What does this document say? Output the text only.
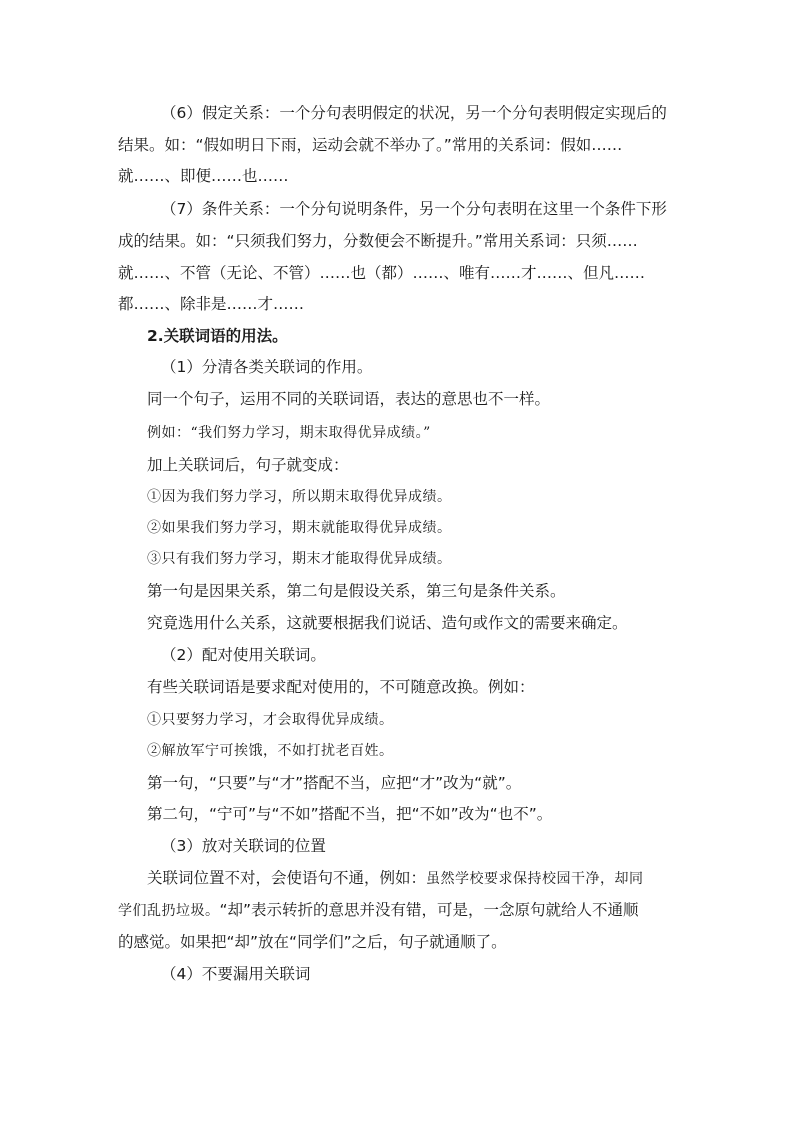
（6）假定关系：一个分句表明假定的状况，另一个分句表明假定实现后的
结果。如：“假如明日下雨，运动会就不举办了。”常用的关系词：假如……
就……、即便……也……
（7）条件关系：一个分句说明条件，另一个分句表明在这里一个条件下形
成的结果。如：“只须我们努力，分数便会不断提升。”常用关系词：只须……
就……、不管（无论、不管）……也（都）……、唯有……才……、但凡……
都……、除非是……才……
2.关联词语的用法。
（1）分清各类关联词的作用。
同一个句子，运用不同的关联词语，表达的意思也不一样。
例如：“我们努力学习，期末取得优异成绩。”
加上关联词后，句子就变成：
①因为我们努力学习，所以期末取得优异成绩。
②如果我们努力学习，期末就能取得优异成绩。
③只有我们努力学习，期末才能取得优异成绩。
第一句是因果关系，第二句是假设关系，第三句是条件关系。
究竟选用什么关系，这就要根据我们说话、造句或作文的需要来确定。
（2）配对使用关联词。
有些关联词语是要求配对使用的，不可随意改换。例如：
①只要努力学习，才会取得优异成绩。
②解放军宁可挨饿，不如打扰老百姓。
第一句，“只要”与“才”搭配不当，应把“才”改为“就”。
第二句，“宁可”与“不如”搭配不当，把“不如”改为“也不”。
（3）放对关联词的位置
关联词位置不对，会使语句不通，例如：虽然学校要求保持校园干净，却同
学们乱扔垃圾。“却”表示转折的意思并没有错，可是，一念原句就给人不通顺
的感觉。如果把“却”放在“同学们”之后，句子就通顺了。
（4）不要漏用关联词
